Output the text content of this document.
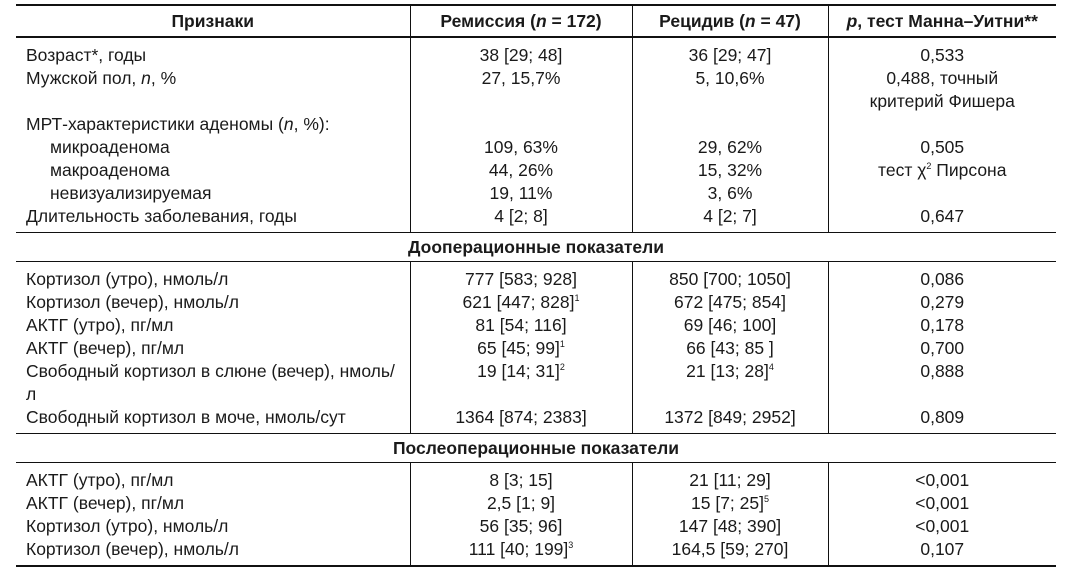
Признаки	Ремиссия (n = 172)	Рецидив (n = 47)	p, тест Манна–Уитни**
Возраст*, годы	38 [29; 48]	36 [29; 47]	0,533
Мужской пол, n, %	27, 15,7%	5, 10,6%	0,488, точный
критерий Фишера
МРТ-характеристики аденомы (n, %):			
микроаденома	109, 63%	29, 62%	0,505
макроаденома	44, 26%	15, 32%	тест $\chi^2$ Пирсона
невизуализируемая	19, 11%	3, 6%	
Длительность заболевания, годы	4 [2; 8]	4 [2; 7]	0,647
Дооперационные показатели			
Кортизол (утро), нмоль/л	777 [583; 928]	850 [700; 1050]	0,086
Кортизол (вечер), нмоль/л	621 [447; 828]$^1$	672 [475; 854]	0,279
АКТГ (утро), пг/мл	81 [54; 116]	69 [46; 100]	0,178
АКТГ (вечер), пг/мл	65 [45; 99]$^1$	66 [43; 85 ]	0,700
Свободный кортизол в слюне (вечер), нмоль/л	19 [14; 31]$^2$	21 [13; 28]$^4$	0,888
Свободный кортизол в моче, нмоль/сут	1364 [874; 2383]	1372 [849; 2952]	0,809
Послеоперационные показатели			
АКТГ (утро), пг/мл	8 [3; 15]	21 [11; 29]	<0,001
АКТГ (вечер), пг/мл	2,5 [1; 9]	15 [7; 25]$^5$	<0,001
Кортизол (утро), нмоль/л	56 [35; 96]	147 [48; 390]	<0,001
Кортизол (вечер), нмоль/л	111 [40; 199]$^3$	164,5 [59; 270]	0,107
